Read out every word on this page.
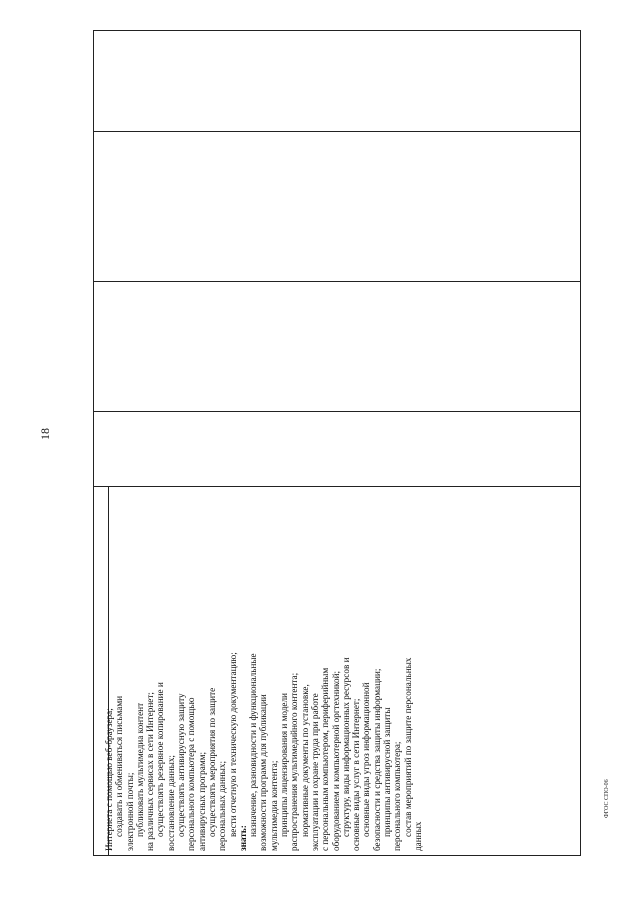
18
Интернета с помощью веб-браузера; создавать и обмениваться письмами электронной почты; публиковать мультимедиа контент на различных сервисах в сети Интернет; осуществлять резервное копирование и восстановление данных; осуществлять антивирусную защиту персонального компьютера с помощью антивирусных программ; осуществлять мероприятия по защите персональных данных; вести отчетную и техническую документацию;
знать:
назначение, разновидности и функциональные возможности программ для публикации мультимедиа контента; принципы лицензирования и модели распространения мультимедийного контента; нормативные документы по установке, эксплуатации и охране труда при работе с персональным компьютером, периферийным оборудованием и компьютерной оргтехникой; структуру, виды информационных ресурсов и основные виды услуг в сети Интернет; основные виды угроз информационной безопасности и средства защиты информации; принципы антивирусной защиты персонального компьютера; состав мероприятий по защите персональных данных
ФГОС СПО-06
